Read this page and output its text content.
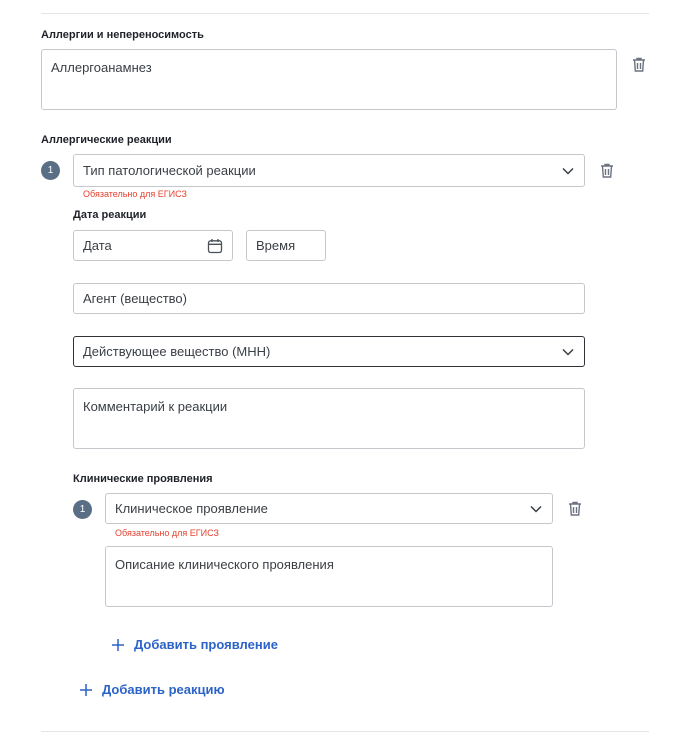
Аллергии и непереносимость
Аллергоанамнез
Аллергические реакции
1	Тип патологической реакции
Обязательно для ЕГИСЗ
Дата реакции
Дата	Время
Агент (вещество)
Действующее вещество (МНН)
Комментарий к реакции
Клинические проявления
1	Клиническое проявление
Обязательно для ЕГИСЗ
Описание клинического проявления
Добавить проявление
Добавить реакцию
